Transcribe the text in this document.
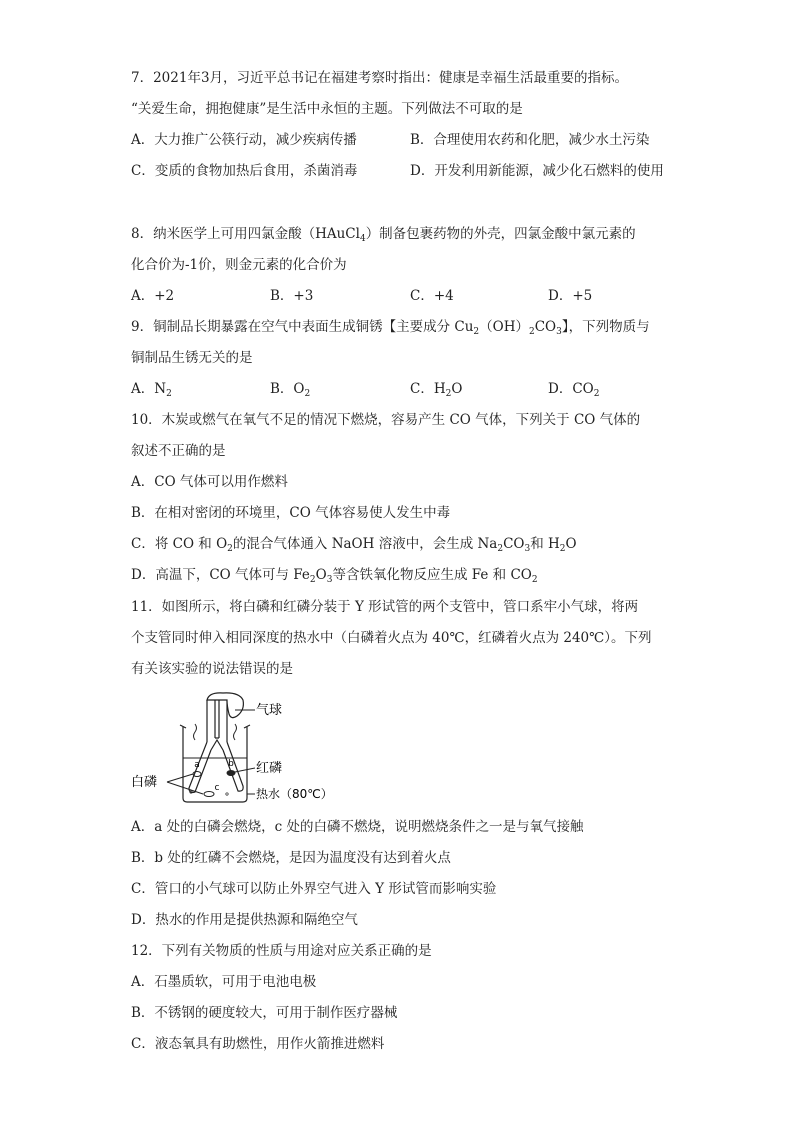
7．2021年3月，习近平总书记在福建考察时指出：健康是幸福生活最重要的指标。
“关爱生命，拥抱健康”是生活中永恒的主题。下列做法不可取的是
A．大力推广公筷行动，减少疾病传播	B．合理使用农药和化肥，减少水土污染
C．变质的食物加热后食用，杀菌消毒	D．开发利用新能源，减少化石燃料的使用
8．纳米医学上可用四氯金酸（HAuCl$_4$）制备包裹药物的外壳，四氯金酸中氯元素的
化合价为-1价，则金元素的化合价为
A．+2	B．+3	C．+4	D．+5
9．铜制品长期暴露在空气中表面生成铜锈【主要成分 $Cu_2(OH)_2CO_3$】，下列物质与
铜制品生锈无关的是
A．$N_2$	B．$O_2$	C．$H_2O$	D．$CO_2$
10．木炭或燃气在氧气不足的情况下燃烧，容易产生 CO 气体，下列关于 CO 气体的
叙述不正确的是
A．CO 气体可以用作燃料
B．在相对密闭的环境里，CO 气体容易使人发生中毒
C．将 CO 和 $O_2$的混合气体通入 NaOH 溶液中，会生成 $Na_2CO_3$和 $H_2O$
D．高温下，CO 气体可与 $Fe_2O_3$等含铁氧化物反应生成 Fe 和 $CO_2$
11．如图所示，将白磷和红磷分装于 Y 形试管的两个支管中，管口系牢小气球，将两
个支管同时伸入相同深度的热水中（白磷着火点为 40℃，红磷着火点为 240℃）。下列
有关该实验的说法错误的是
a	b
c
气球
红磷
热水（80℃）
白磷
A．a 处的白磷会燃烧，c 处的白磷不燃烧，说明燃烧条件之一是与氧气接触
B．b 处的红磷不会燃烧，是因为温度没有达到着火点
C．管口的小气球可以防止外界空气进入 Y 形试管而影响实验
D．热水的作用是提供热源和隔绝空气
12．下列有关物质的性质与用途对应关系正确的是
A．石墨质软，可用于电池电极
B．不锈钢的硬度较大，可用于制作医疗器械
C．液态氧具有助燃性，用作火箭推进燃料
